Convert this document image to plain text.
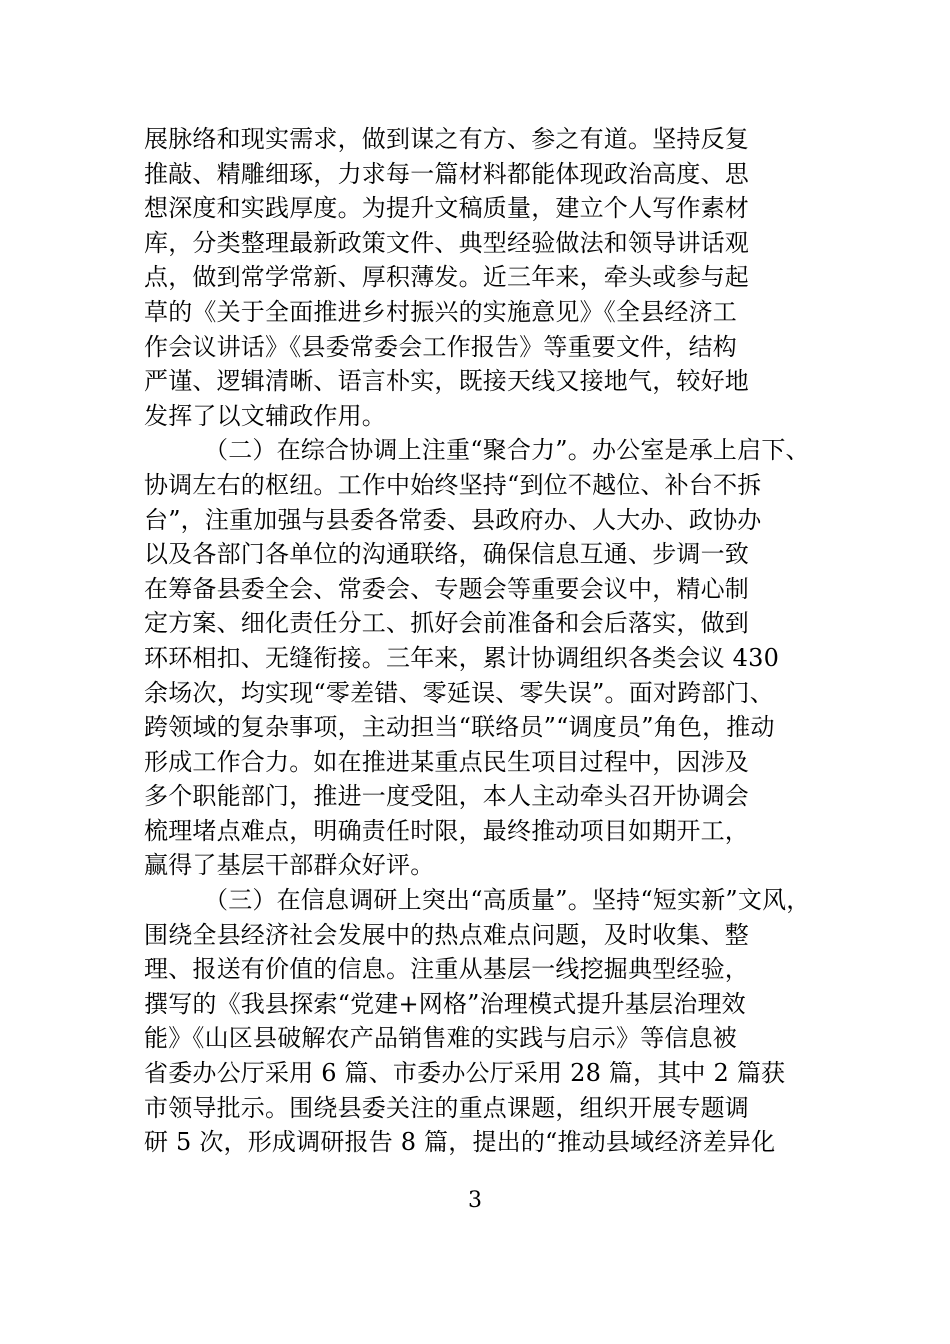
展脉络和现实需求，做到谋之有方、参之有道。坚持反复
推敲、精雕细琢，力求每一篇材料都能体现政治高度、思
想深度和实践厚度。为提升文稿质量，建立个人写作素材
库，分类整理最新政策文件、典型经验做法和领导讲话观
点，做到常学常新、厚积薄发。近三年来，牵头或参与起
草的《关于全面推进乡村振兴的实施意见》《全县经济工
作会议讲话》《县委常委会工作报告》等重要文件，结构
严谨、逻辑清晰、语言朴实，既接天线又接地气，较好地
发挥了以文辅政作用。
（二）在综合协调上注重“聚合力”。办公室是承上启下、
协调左右的枢纽。工作中始终坚持“到位不越位、补台不拆
台”，注重加强与县委各常委、县政府办、人大办、政协办
以及各部门各单位的沟通联络，确保信息互通、步调一致
在筹备县委全会、常委会、专题会等重要会议中，精心制
定方案、细化责任分工、抓好会前准备和会后落实，做到
环环相扣、无缝衔接。三年来，累计协调组织各类会议 430
余场次，均实现“零差错、零延误、零失误”。面对跨部门、
跨领域的复杂事项，主动担当“联络员”“调度员”角色，推动
形成工作合力。如在推进某重点民生项目过程中，因涉及
多个职能部门，推进一度受阻，本人主动牵头召开协调会
梳理堵点难点，明确责任时限，最终推动项目如期开工，
赢得了基层干部群众好评。
（三）在信息调研上突出“高质量”。坚持“短实新”文风，
围绕全县经济社会发展中的热点难点问题，及时收集、整
理、报送有价值的信息。注重从基层一线挖掘典型经验，
撰写的《我县探索“党建+网格”治理模式提升基层治理效
能》《山区县破解农产品销售难的实践与启示》等信息被
省委办公厅采用 6 篇、市委办公厅采用 28 篇，其中 2 篇获
市领导批示。围绕县委关注的重点课题，组织开展专题调
研 5 次，形成调研报告 8 篇，提出的“推动县域经济差异化
3
